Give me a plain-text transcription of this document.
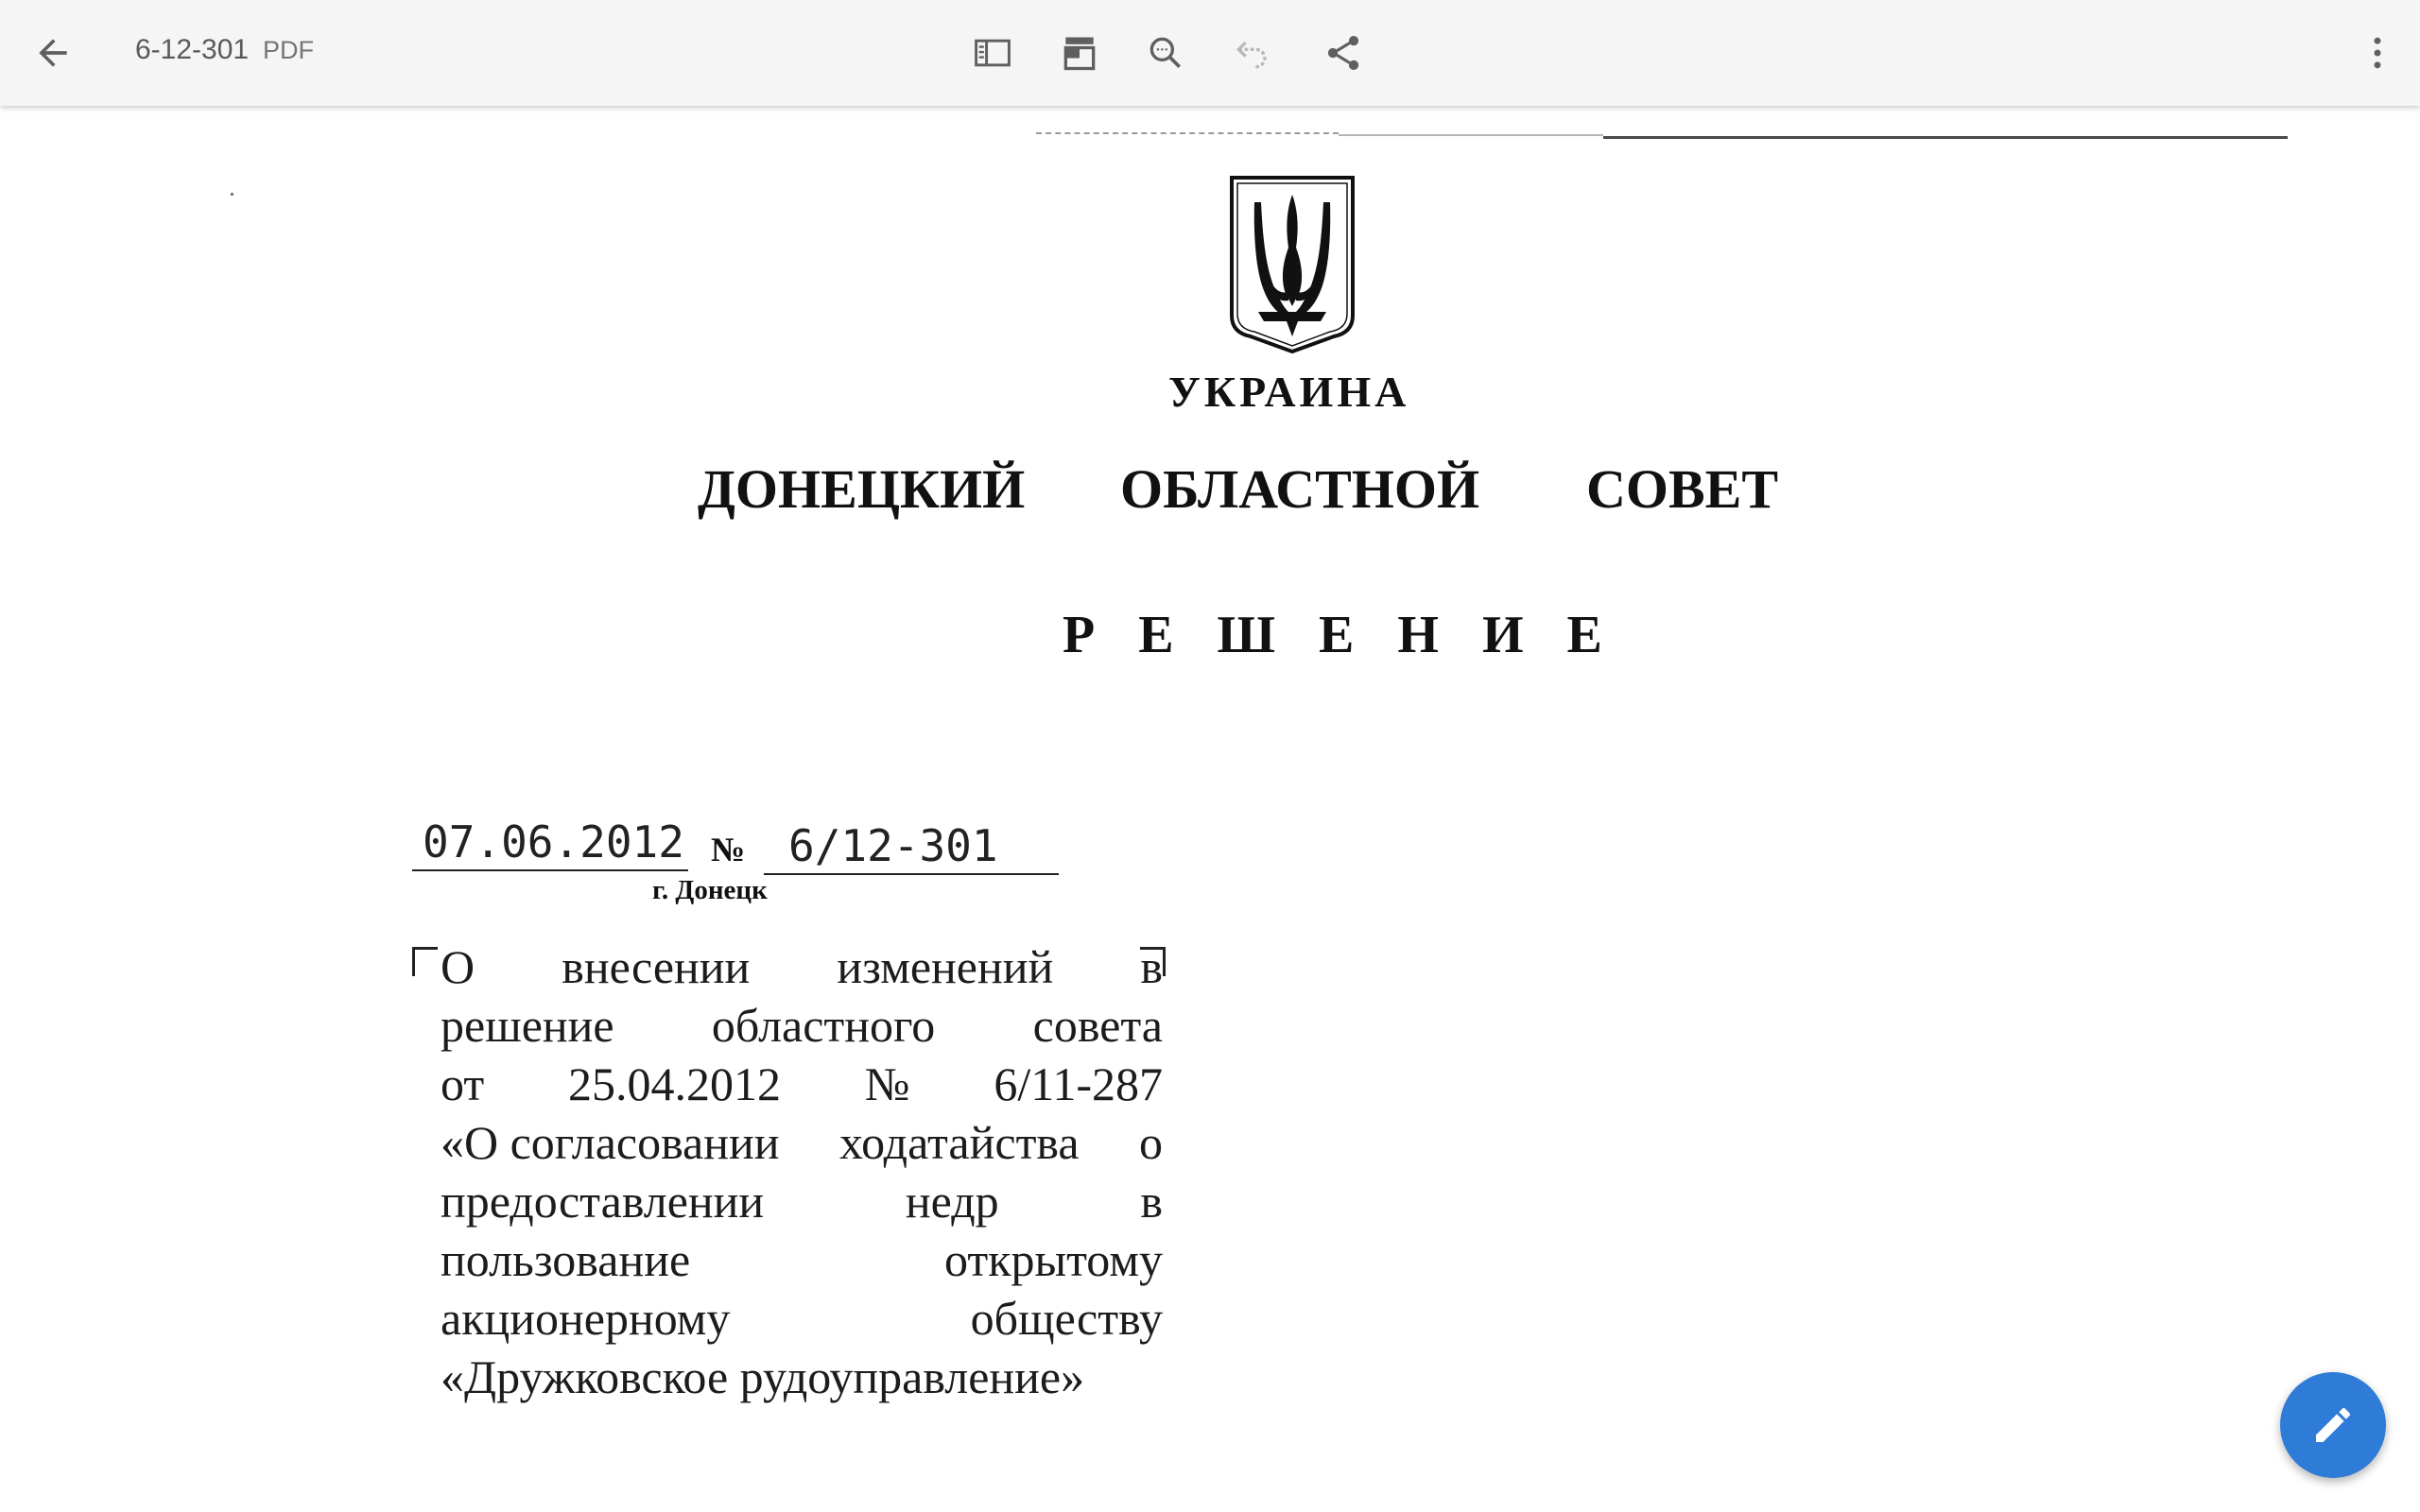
6-12-301 PDF
УКРАИНА
ДОНЕЦКИЙ ОБЛАСТНОЙ СОВЕТ
РЕШЕНИЕ
07.06.2012 № 6/12-301
г. Донецк
О внесении изменений в
решение областного совета
от 25.04.2012 № 6/11-287
«О согласовании ходатайства о
предоставлении	недр	в
пользование	открытому
акционерному	обществу
«Дружковское рудоуправление»
